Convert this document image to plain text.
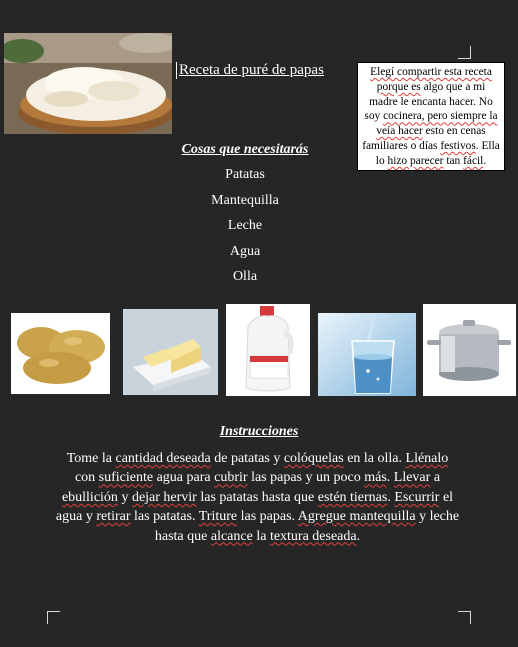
Receta de puré de papas	Elegí compartir esta receta porque es algo que a mi madre le encanta hacer. No soy cocinera, pero siempre la veía hacer esto en cenas familiares o días festivos. Ella lo hizo parecer tan fácil.
Cosas que necesitarás
Patatas
Mantequilla
Leche
Agua
Olla
Instrucciones
Tome la cantidad deseada de patatas y colóquelas en la olla. Llénalo con suficiente agua para cubrir las papas y un poco más. Llevar a ebullición y dejar hervir las patatas hasta que estén tiernas. Escurrir el agua y retirar las patatas. Triture las papas. Agregue mantequilla y leche hasta que alcance la textura deseada.
